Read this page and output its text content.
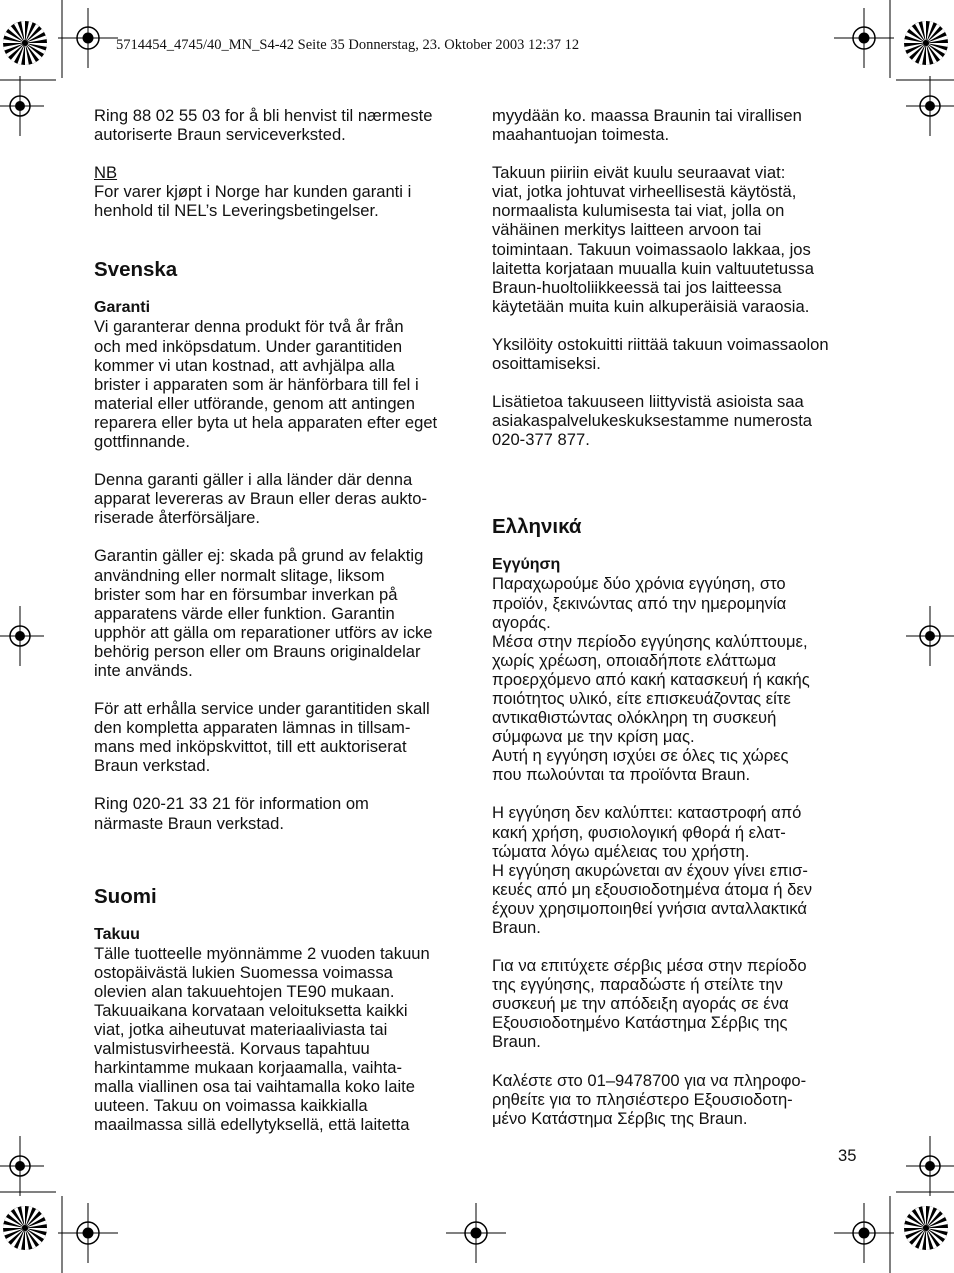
5714454_4745/40_MN_S4-42 Seite 35 Donnerstag, 23. Oktober 2003 12:37 12

Ring 88 02 55 03 for å bli henvist til nærmeste
autoriserte Braun serviceverksted.

NB

For varer kjøpt i Norge har kunden garanti i
henhold til NEL’s Leveringsbetingelser.

Svenska

Garanti

Vi garanterar denna produkt för två år från
och med inköpsdatum. Under garantitiden
kommer vi utan kostnad, att avhjälpa alla
brister i apparaten som är hänförbara till fel i
material eller utförande, genom att antingen
reparera eller byta ut hela apparaten efter eget
gottfinnande.

Denna garanti gäller i alla länder där denna
apparat levereras av Braun eller deras aukto-
riserade återförsäljare.

Garantin gäller ej: skada på grund av felaktig
användning eller normalt slitage, liksom
brister som har en försumbar inverkan på
apparatens värde eller funktion. Garantin
upphör att gälla om reparationer utförs av icke
behörig person eller om Brauns originaldelar
inte används.

För att erhålla service under garantitiden skall
den kompletta apparaten lämnas in tillsam-
mans med inköpskvittot, till ett auktoriserat
Braun verkstad.

Ring 020-21 33 21 för information om
närmaste Braun verkstad.

Suomi

Takuu

Tälle tuotteelle myönnämme 2 vuoden takuun
ostopäivästä lukien Suomessa voimassa
olevien alan takuuehtojen TE90 mukaan.
Takuuaikana korvataan veloituksetta kaikki
viat, jotka aiheutuvat materiaaliviasta tai
valmistusvirheestä. Korvaus tapahtuu
harkintamme mukaan korjaamalla, vaihta-
malla viallinen osa tai vaihtamalla koko laite
uuteen. Takuu on voimassa kaikkialla
maailmassa sillä edellytyksellä, että laitetta

myydään ko. maassa Braunin tai virallisen
maahantuojan toimesta.

Takuun piiriin eivät kuulu seuraavat viat:
viat, jotka johtuvat virheellisestä käytöstä,
normaalista kulumisesta tai viat, jolla on
vähäinen merkitys laitteen arvoon tai
toimintaan. Takuun voimassaolo lakkaa, jos
laitetta korjataan muualla kuin valtuutetussa
Braun-huoltoliikkeessä tai jos laitteessa
käytetään muita kuin alkuperäisiä varaosia.

Yksilöity ostokuitti riittää takuun voimassaolon
osoittamiseksi.

Lisätietoa takuuseen liittyvistä asioista saa
asiakaspalvelukeskuksestamme numerosta
020-377 877.

Ελληνικά

Εγγύηση

Παραχωρούμε δύο χρόνια εγγύηση, στο
προϊόν, ξεκινώντας από την ημερομηνία
αγοράς.
Μέσα στην περίοδο εγγύησης καλύπτουμε,
χωρίς χρέωση, οποιαδήποτε ελάττωμα
προερχόμενο από κακή κατασκευή ή κακής
ποιότητος υλικό, είτε επισκευάζοντας είτε
αντικαθιστώντας ολόκληρη τη συσκευή
σύμφωνα με την κρίση μας.
Αυτή η εγγύηση ισχύει σε όλες τις χώρες
που πωλούνται τα προϊόντα Braun.

Η εγγύηση δεν καλύπτει: καταστροφή από
κακή χρήση, φυσιολογική φθορά ή ελατ-
τώματα λόγω αμέλειας του χρήστη.
Η εγγύηση ακυρώνεται αν έχουν γίνει επισ-
κευές από μη εξουσιοδοτημένα άτομα ή δεν
έχουν χρησιμοποιηθεί γνήσια ανταλλακτικά
Braun.

Για να επιτύχετε σέρβις μέσα στην περίοδο
της εγγύησης, παραδώστε ή στείλτε την
συσκευή με την απόδειξη αγοράς σε ένα
Εξουσιοδοτημένο Κατάστημα Σέρβις της
Braun.

Καλέστε στο 01–9478700 για να πληροφο-
ρηθείτε για το πλησιέστερο Εξουσιοδοτη-
μένο Κατάστημα Σέρβις της Braun.

35
